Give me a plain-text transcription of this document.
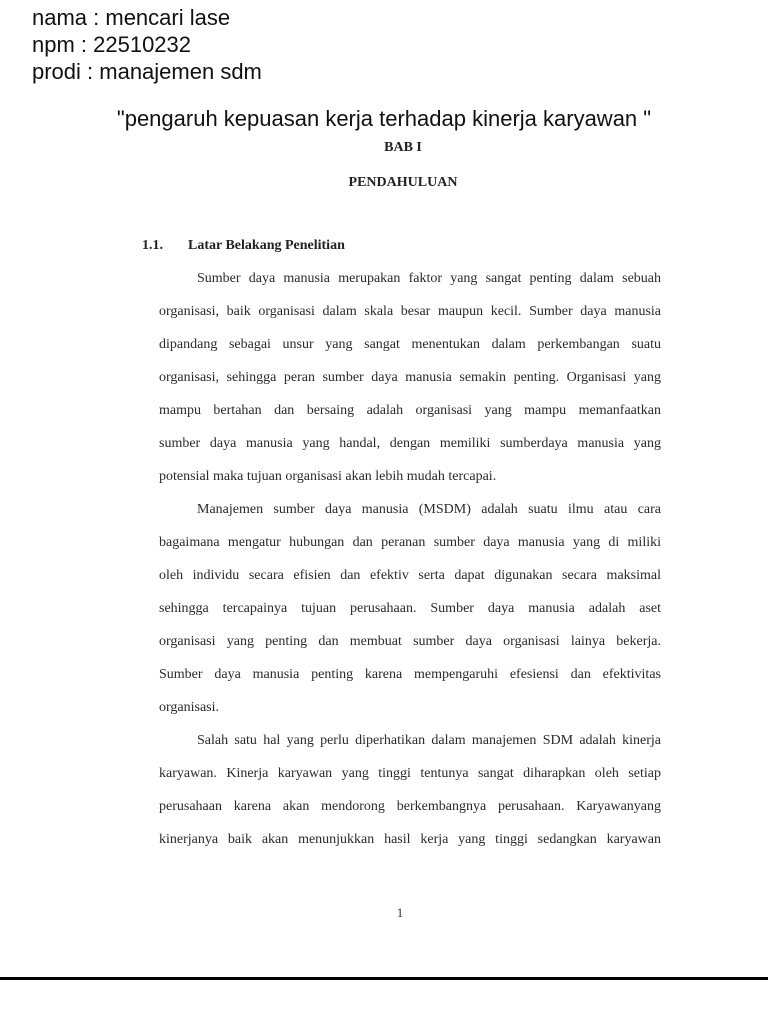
nama : mencari lase
npm : 22510232
prodi : manajemen sdm
"pengaruh kepuasan kerja terhadap kinerja karyawan "
BAB I
PENDAHULUAN
1.1. Latar Belakang Penelitian
Sumber daya manusia merupakan faktor yang sangat penting dalam sebuah
organisasi, baik organisasi dalam skala besar maupun kecil. Sumber daya manusia
dipandang sebagai unsur yang sangat menentukan dalam perkembangan suatu
organisasi, sehingga peran sumber daya manusia semakin penting. Organisasi yang
mampu bertahan dan bersaing adalah organisasi yang mampu memanfaatkan
sumber daya manusia yang handal, dengan memiliki sumberdaya manusia yang
potensial maka tujuan organisasi akan lebih mudah tercapai.
Manajemen sumber daya manusia (MSDM) adalah suatu ilmu atau cara
bagaimana mengatur hubungan dan peranan sumber daya manusia yang di miliki
oleh individu secara efisien dan efektiv serta dapat digunakan secara maksimal
sehingga tercapainya tujuan perusahaan. Sumber daya manusia adalah aset
organisasi yang penting dan membuat sumber daya organisasi lainya bekerja.
Sumber daya manusia penting karena mempengaruhi efesiensi dan efektivitas
organisasi.
Salah satu hal yang perlu diperhatikan dalam manajemen SDM adalah kinerja
karyawan. Kinerja karyawan yang tinggi tentunya sangat diharapkan oleh setiap
perusahaan karena akan mendorong berkembangnya perusahaan. Karyawanyang
kinerjanya baik akan menunjukkan hasil kerja yang tinggi sedangkan karyawan
1
